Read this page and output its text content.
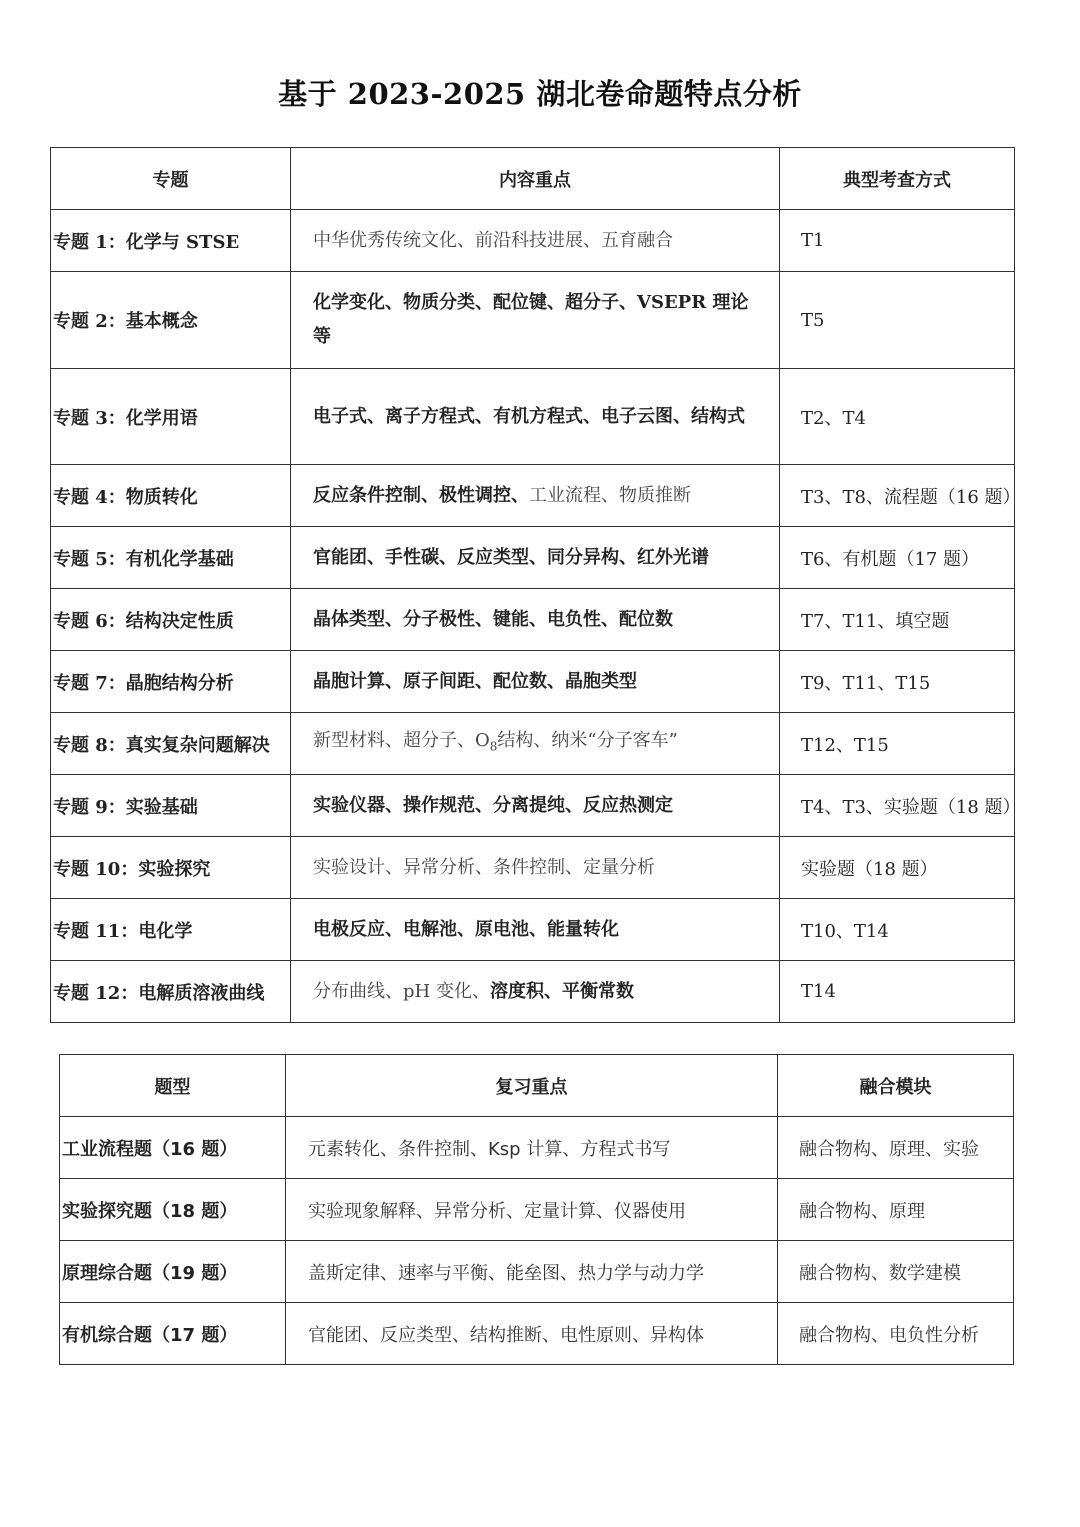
基于 2023-2025 湖北卷命题特点分析
专题	内容重点	典型考查方式
专题 1：化学与 STSE	中华优秀传统文化、前沿科技进展、五育融合	T1
专题 2：基本概念	化学变化、物质分类、配位键、超分子、VSEPR 理论等	T5
专题 3：化学用语	电子式、离子方程式、有机方程式、电子云图、结构式	T2、T4
专题 4：物质转化	反应条件控制、极性调控、工业流程、物质推断	T3、T8、流程题（16 题）
专题 5：有机化学基础	官能团、手性碳、反应类型、同分异构、红外光谱	T6、有机题（17 题）
专题 6：结构决定性质	晶体类型、分子极性、键能、电负性、配位数	T7、T11、填空题
专题 7：晶胞结构分析	晶胞计算、原子间距、配位数、晶胞类型	T9、T11、T15
专题 8：真实复杂问题解决	新型材料、超分子、$O_8$结构、纳米“分子客车”	T12、T15
专题 9：实验基础	实验仪器、操作规范、分离提纯、反应热测定	T4、T3、实验题（18 题）
专题 10：实验探究	实验设计、异常分析、条件控制、定量分析	实验题（18 题）
专题 11：电化学	电极反应、电解池、原电池、能量转化	T10、T14
专题 12：电解质溶液曲线	分布曲线、pH 变化、溶度积、平衡常数	T14
题型	复习重点	融合模块
工业流程题（16 题）	元素转化、条件控制、Ksp 计算、方程式书写	融合物构、原理、实验
实验探究题（18 题）	实验现象解释、异常分析、定量计算、仪器使用	融合物构、原理
原理综合题（19 题）	盖斯定律、速率与平衡、能垒图、热力学与动力学	融合物构、数学建模
有机综合题（17 题）	官能团、反应类型、结构推断、电性原则、异构体	融合物构、电负性分析
